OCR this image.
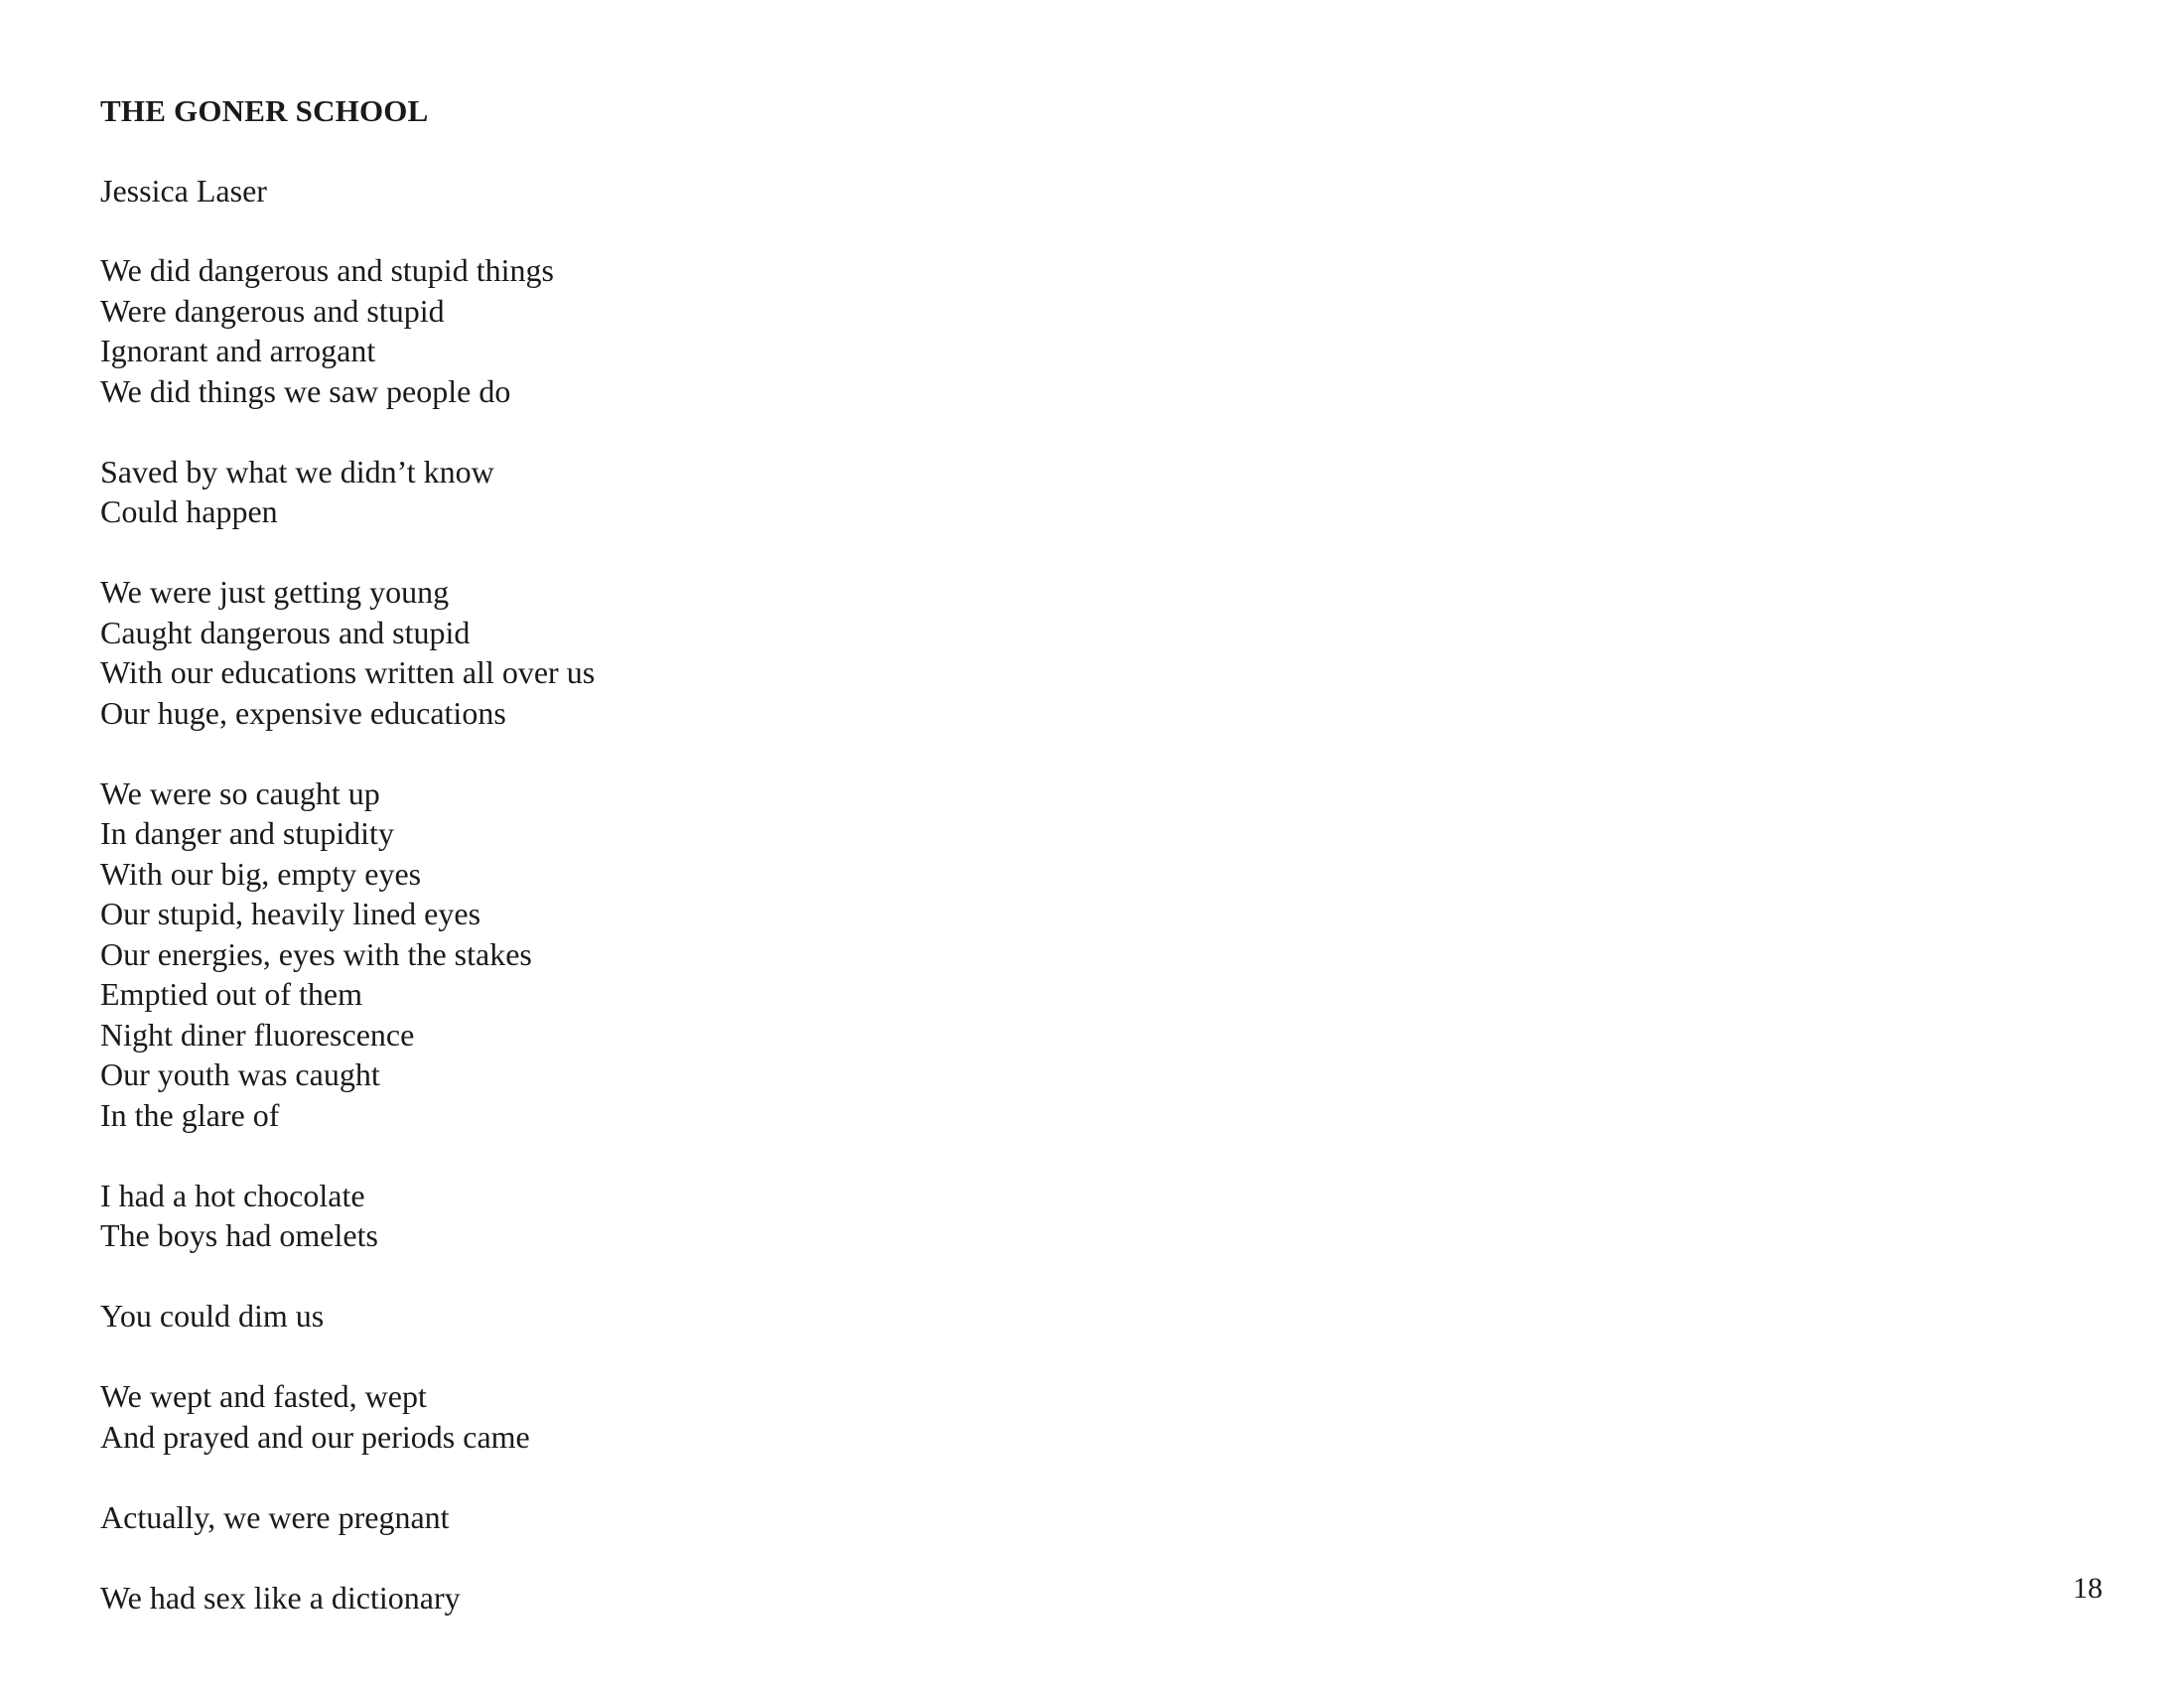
THE GONER SCHOOL
Jessica Laser
We did dangerous and stupid things
Were dangerous and stupid
Ignorant and arrogant
We did things we saw people do
Saved by what we didn’t know
Could happen
We were just getting young
Caught dangerous and stupid
With our educations written all over us
Our huge, expensive educations
We were so caught up
In danger and stupidity
With our big, empty eyes
Our stupid, heavily lined eyes
Our energies, eyes with the stakes
Emptied out of them
Night diner fluorescence
Our youth was caught
In the glare of
I had a hot chocolate
The boys had omelets
You could dim us
We wept and fasted, wept
And prayed and our periods came
Actually, we were pregnant
We had sex like a dictionary	18
